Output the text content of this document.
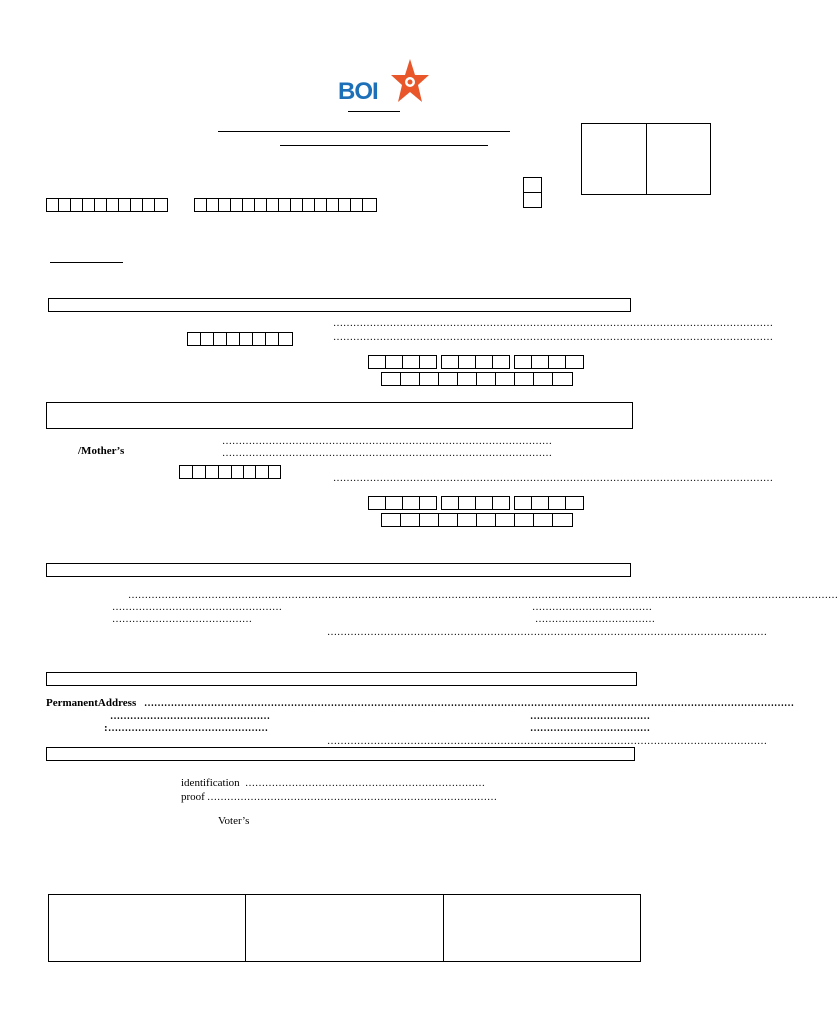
BOI
……………………………………………………………………………………………………………………
……………………………………………………………………………………………………………………
………………………………………………………………………………………
………………………………………………………………………………………
/Mother’s
……………………………………………………………………………………………………………………
……………………………………………………………………………………………………………………………………………………………………………………………
……………………………………………	………………………………
……………………………………	………………………………
……………………………………………………………………………………………………………………
PermanentAddress ……………………………………………………………………………………………………………………………………………………………………………
…………………………………………	………………………………
: …………………………………………	………………………………
……………………………………………………………………………………………………………………
identification ………………………………………………………………
proof ……………………………………………………………………………
Voter’s
